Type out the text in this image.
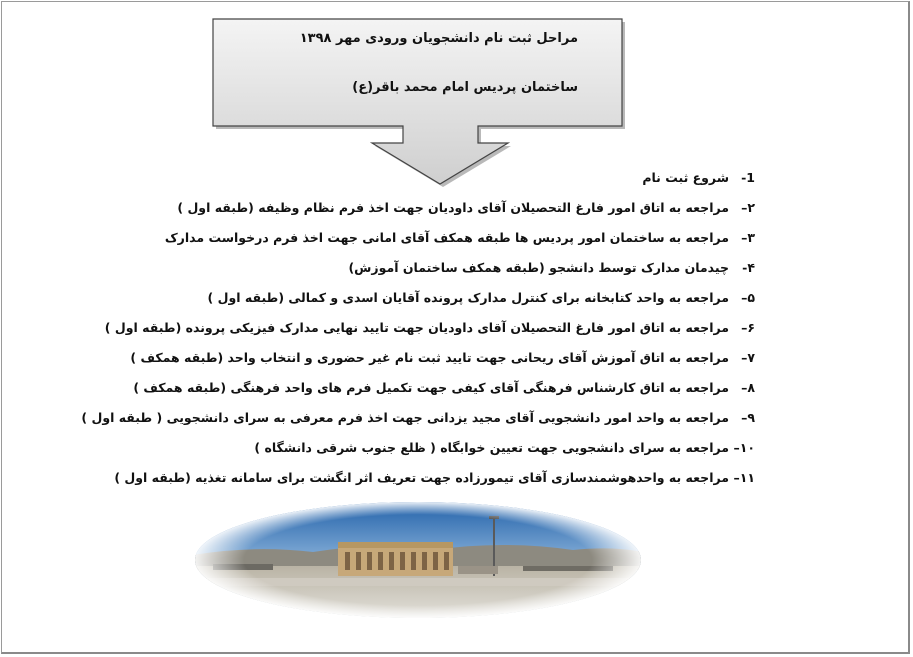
مراحل ثبت نام دانشجویان ورودی مهر ۱۳۹۸
ساختمان پردیس امام محمد باقر(ع)
1-شروع ثبت نام
۲–مراجعه به اتاق امور فارغ التحصیلان آقای داودیان جهت اخذ فرم نظام وظیفه (طبقه اول )
۳–مراجعه به ساختمان امور پردیس ها طبقه همکف آقای امانی جهت اخذ فرم درخواست مدارک
۴-چیدمان مدارک توسط دانشجو (طبقه همکف ساختمان آموزش)
۵–مراجعه به واحد کتابخانه برای کنترل مدارک پرونده آقایان اسدی و کمالی (طبقه اول )
۶–مراجعه به اتاق امور فارغ التحصیلان آقای داودیان جهت تایید نهایی مدارک فیزیکی پرونده (طبقه اول )
۷–مراجعه به اتاق آموزش آقای ریحانی جهت تایید ثبت نام غیر حضوری و انتخاب واحد (طبقه همکف )
۸–مراجعه به اتاق کارشناس فرهنگی آقای کیفی جهت تکمیل فرم های واحد فرهنگی (طبقه همکف )
۹–مراجعه به واحد امور دانشجویی آقای مجید یزدانی جهت اخذ فرم معرفی به سرای دانشجویی ( طبقه اول )
۱۰–مراجعه به سرای دانشجویی جهت تعیین خوابگاه ( ظلع جنوب شرقی دانشگاه )
۱۱–مراجعه به واحدهوشمندسازی آقای تیمورزاده جهت تعریف اثر انگشت برای سامانه تغذیه (طبقه اول )
